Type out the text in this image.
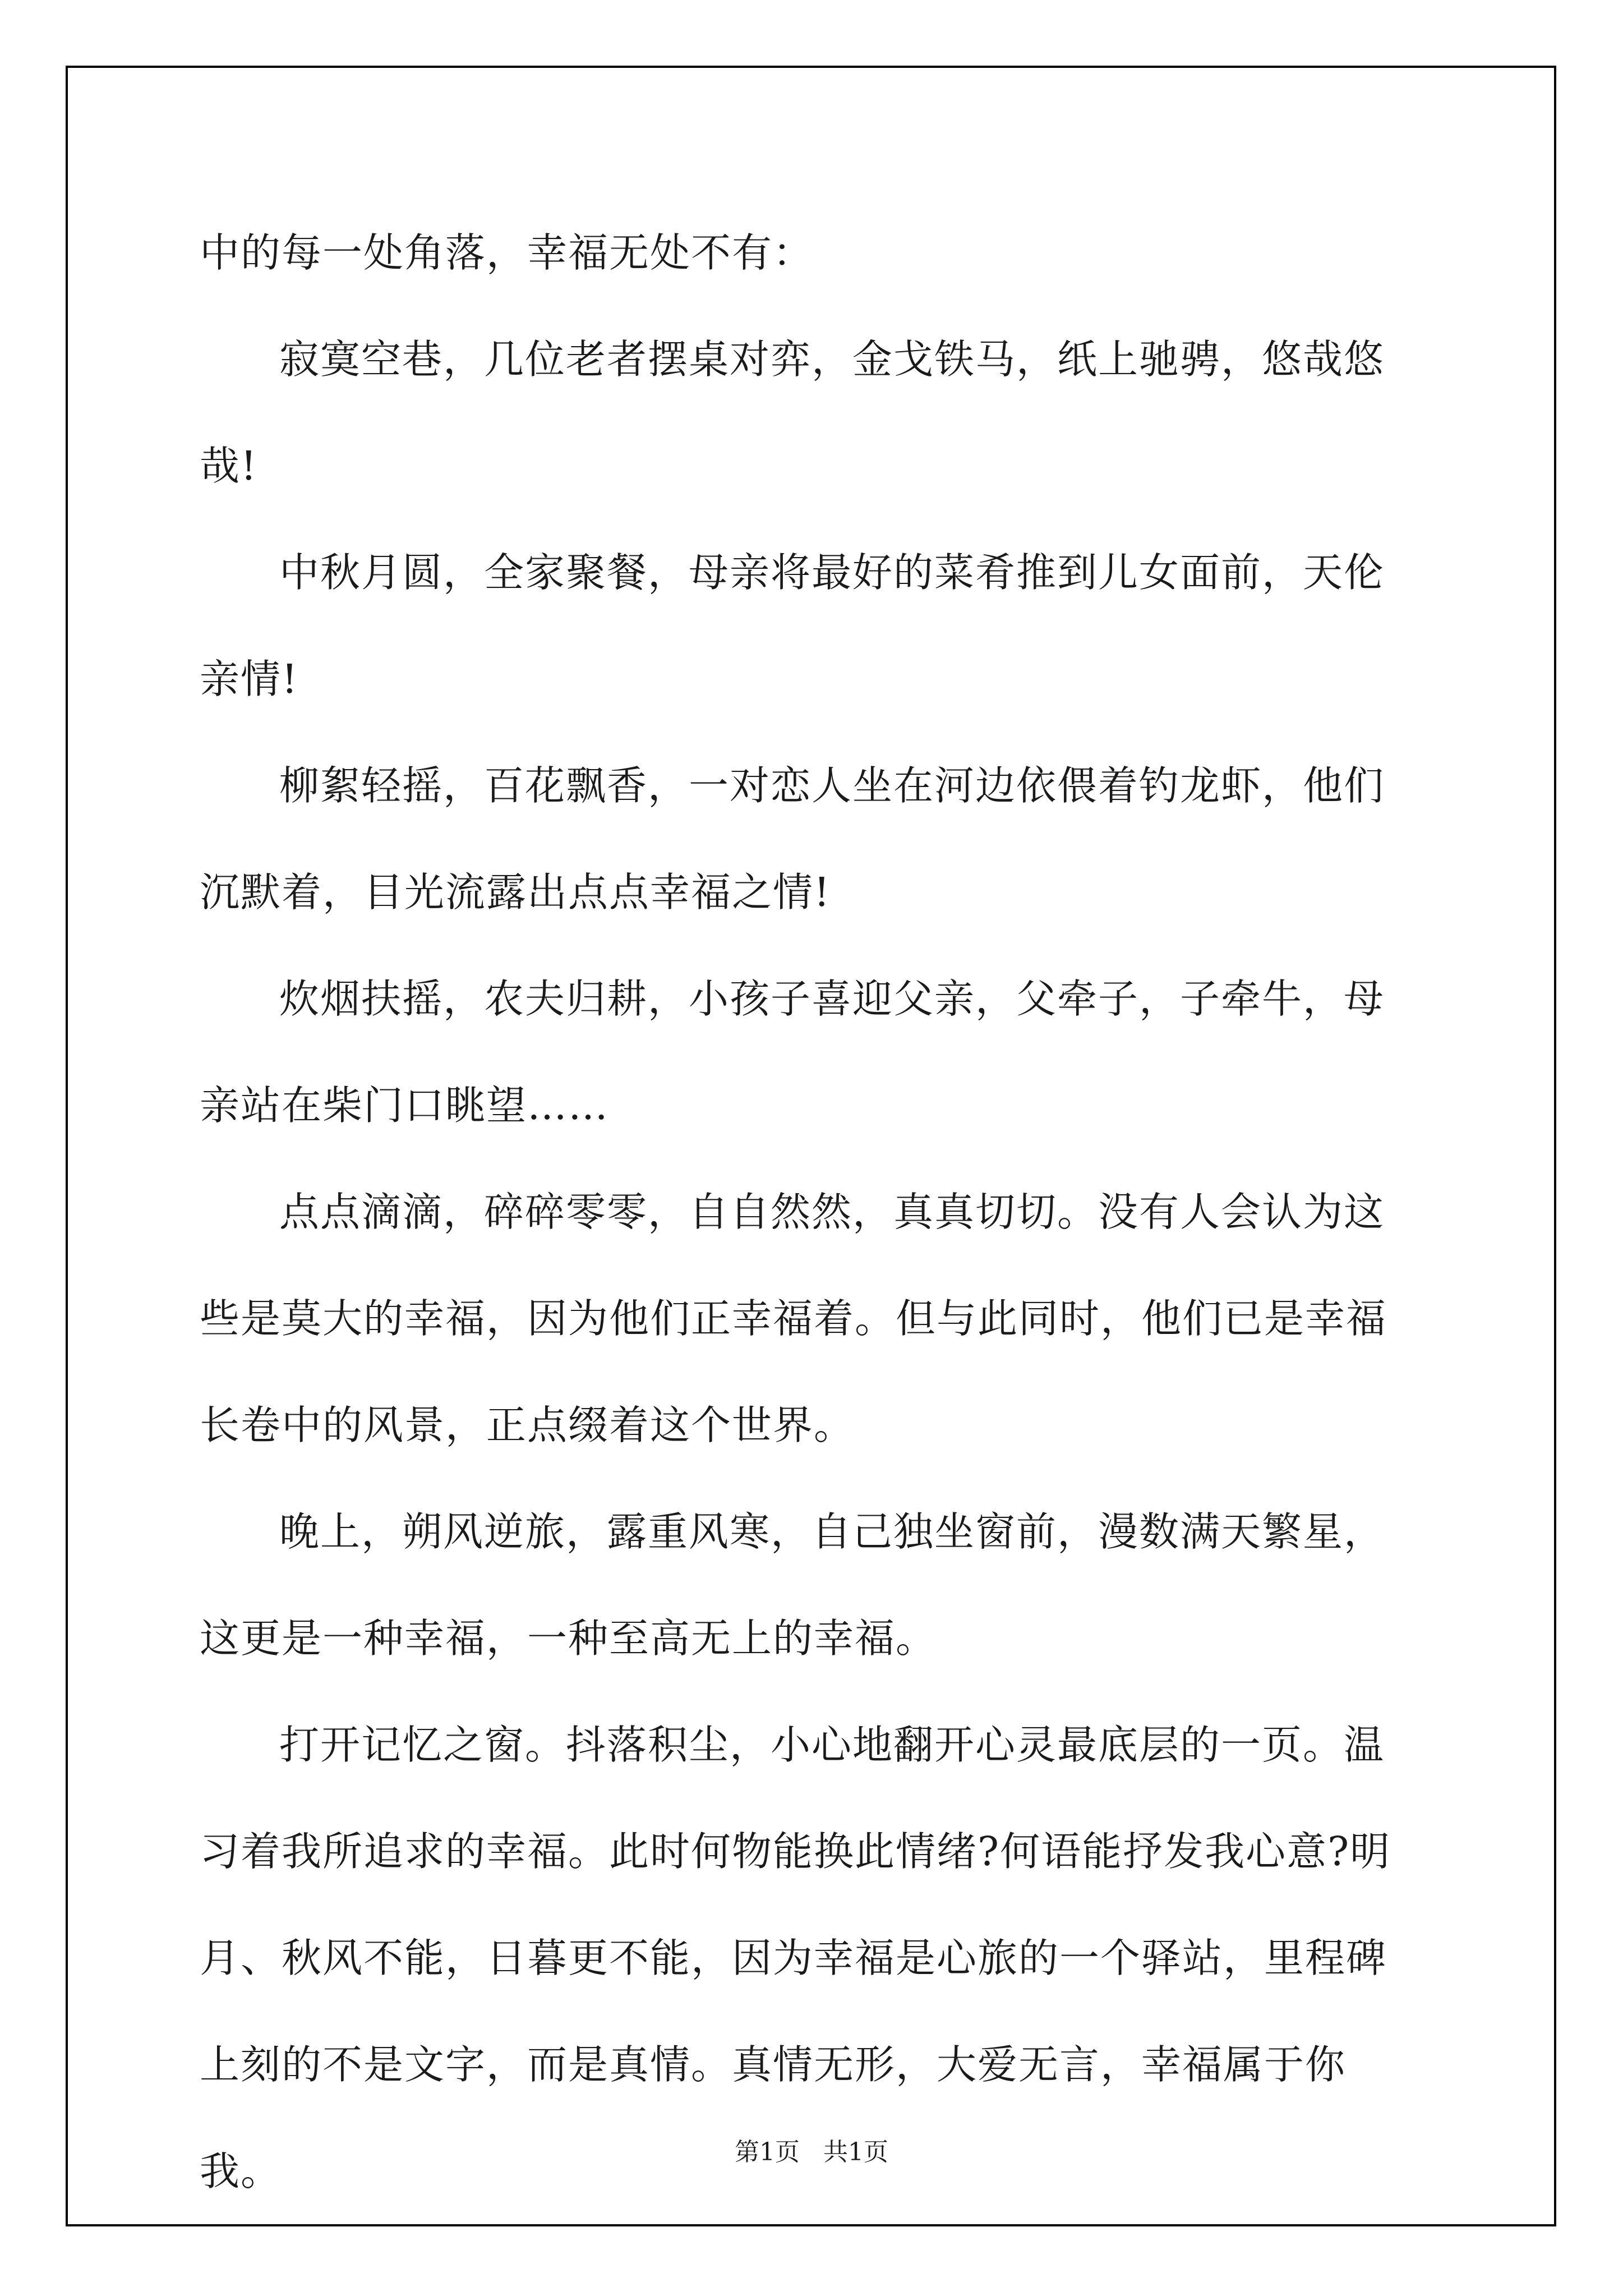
中的每一处角落，幸福无处不有：

寂寞空巷，几位老者摆桌对弈，金戈铁马，纸上驰骋，悠哉悠哉!

中秋月圆，全家聚餐，母亲将最好的菜肴推到儿女面前，天伦亲情!

柳絮轻摇，百花飘香，一对恋人坐在河边依偎着钓龙虾，他们沉默着，目光流露出点点幸福之情!

炊烟扶摇，农夫归耕，小孩子喜迎父亲，父牵子，子牵牛，母亲站在柴门口眺望……

点点滴滴，碎碎零零，自自然然，真真切切。没有人会认为这些是莫大的幸福，因为他们正幸福着。但与此同时，他们已是幸福长卷中的风景，正点缀着这个世界。

晚上，朔风逆旅，露重风寒，自己独坐窗前，漫数满天繁星，这更是一种幸福，一种至高无上的幸福。

打开记忆之窗。抖落积尘，小心地翻开心灵最底层的一页。温习着我所追求的幸福。此时何物能换此情绪?何语能抒发我心意?明月、秋风不能，日暮更不能，因为幸福是心旅的一个驿站，里程碑上刻的不是文字，而是真情。真情无形，大爱无言，幸福属于你我。	第1页   共1页
